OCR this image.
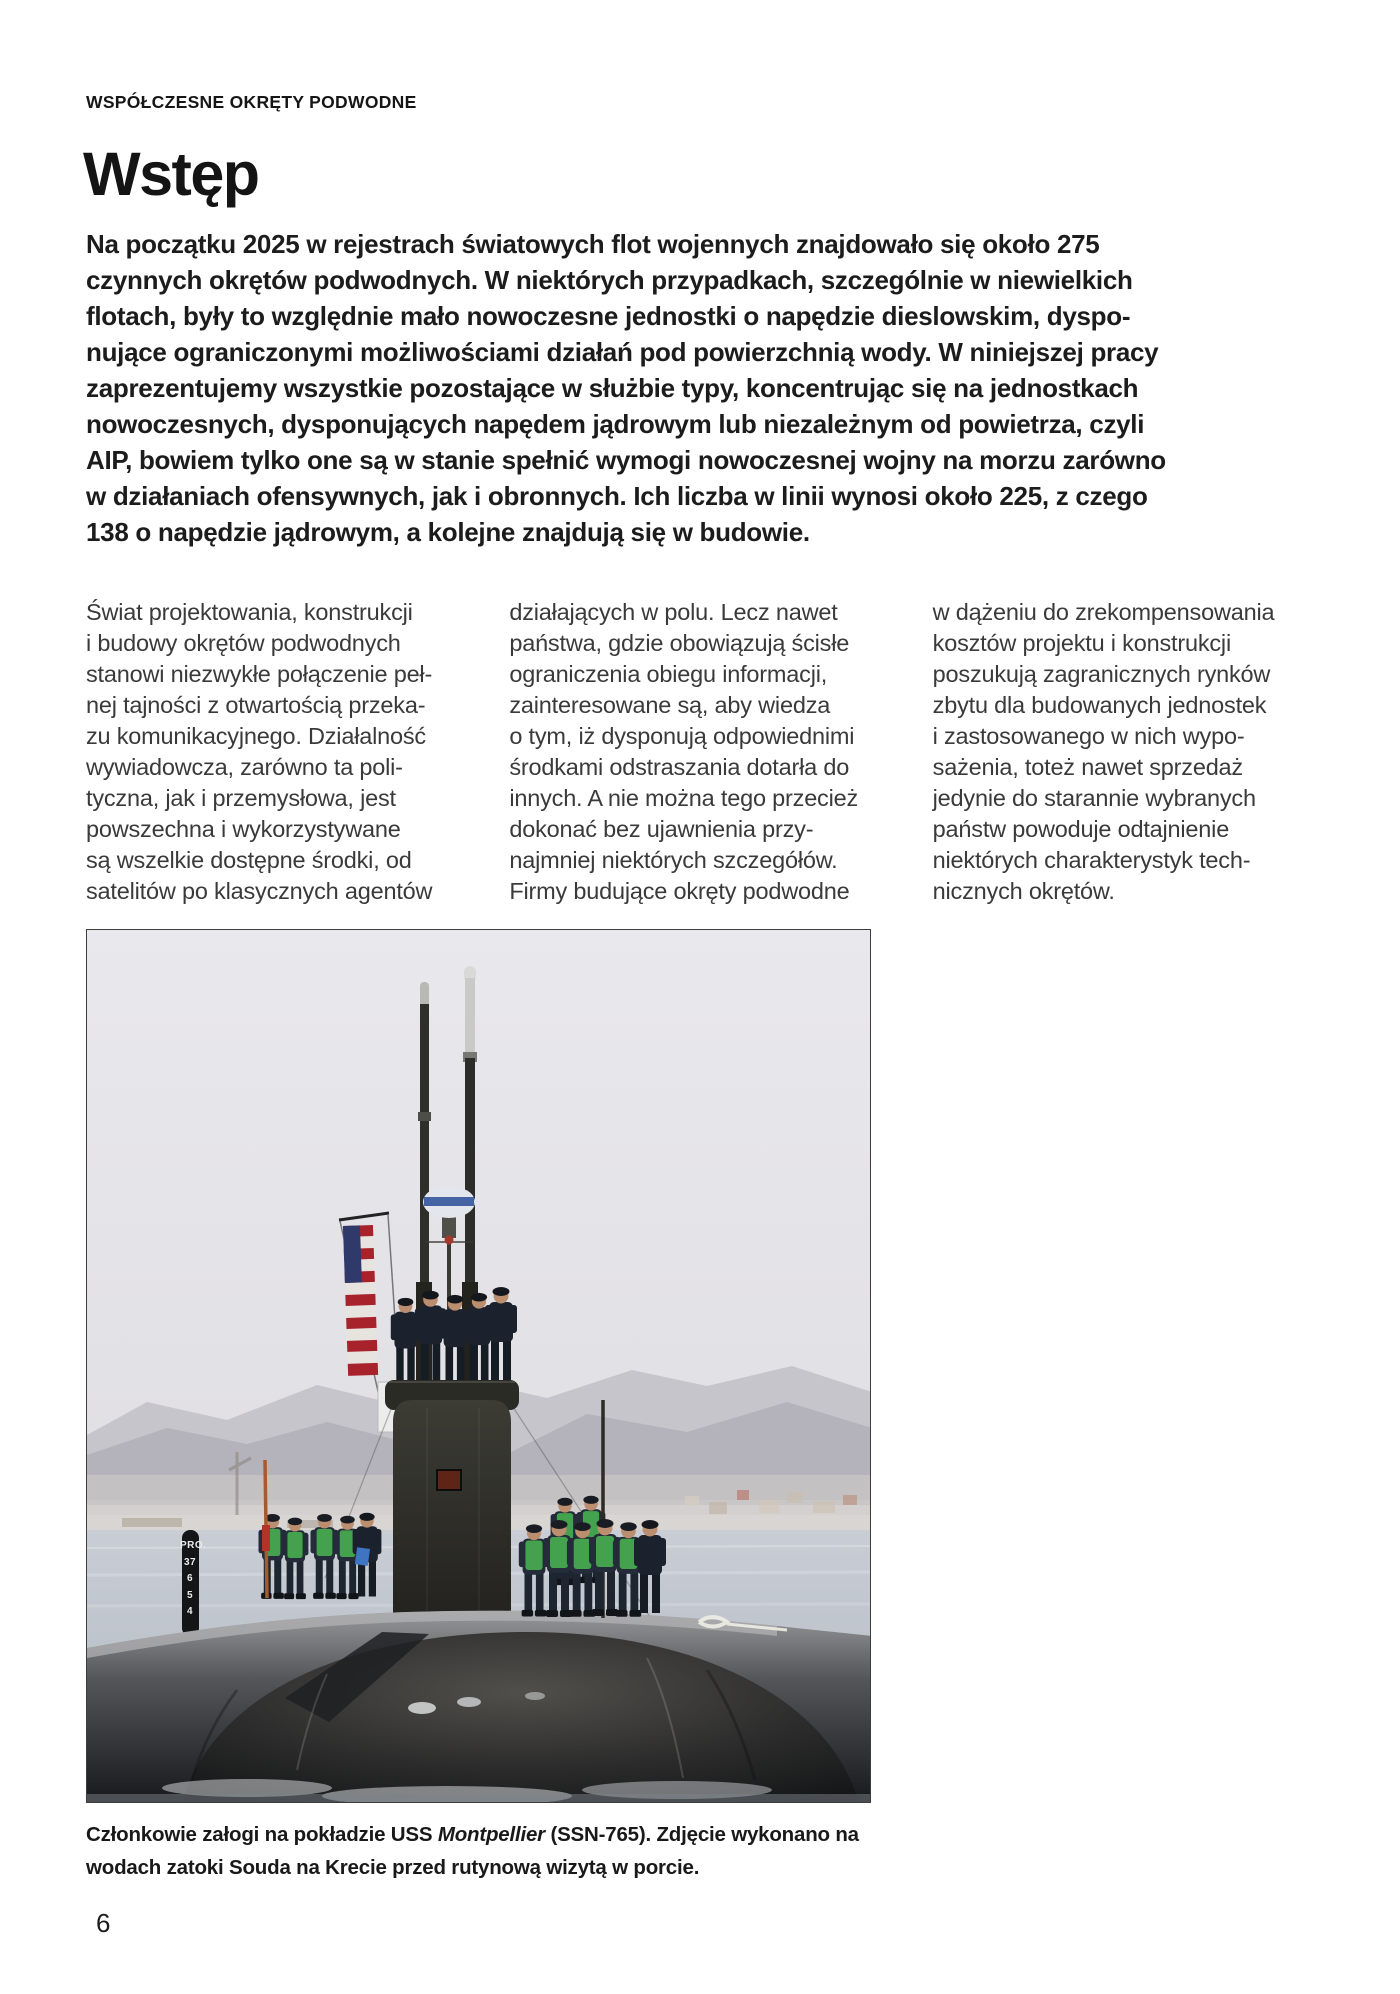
WSPÓŁCZESNE OKRĘTY PODWODNE
Wstęp
Na początku 2025 w rejestrach światowych flot wojennych znajdowało się około 275
czynnych okrętów podwodnych. W niektórych przypadkach, szczególnie w niewielkich
flotach, były to względnie mało nowoczesne jednostki o napędzie dieslowskim, dyspo-
nujące ograniczonymi możliwościami działań pod powierzchnią wody. W niniejszej pracy
zaprezentujemy wszystkie pozostające w służbie typy, koncentrując się na jednostkach
nowoczesnych, dysponujących napędem jądrowym lub niezależnym od powietrza, czyli
AIP, bowiem tylko one są w stanie spełnić wymogi nowoczesnej wojny na morzu zarówno
w działaniach ofensywnych, jak i obronnych. Ich liczba w linii wynosi około 225, z czego
138 o napędzie jądrowym, a kolejne znajdują się w budowie.
Świat projektowania, konstrukcji
i budowy okrętów podwodnych
stanowi niezwykłe połączenie peł-
nej tajności z otwartością przeka-
zu komunikacyjnego. Działalność
wywiadowcza, zarówno ta poli-
tyczna, jak i przemysłowa, jest
powszechna i wykorzystywane
są wszelkie dostępne środki, od
satelitów po klasycznych agentów
działających w polu. Lecz nawet
państwa, gdzie obowiązują ścisłe
ograniczenia obiegu informacji,
zainteresowane są, aby wiedza
o tym, iż dysponują odpowiednimi
środkami odstraszania dotarła do
innych. A nie można tego przecież
dokonać bez ujawnienia przy-
najmniej niektórych szczegółów.
Firmy budujące okręty podwodne
w dążeniu do zrekompensowania
kosztów projektu i konstrukcji
poszukują zagranicznych rynków
zbytu dla budowanych jednostek
i zastosowanego w nich wypo-
sażenia, toteż nawet sprzedaż
jedynie do starannie wybranych
państw powoduje odtajnienie
niektórych charakterystyk tech-
nicznych okrętów.
PRO.
37
6
5
4
Członkowie załogi na pokładzie USS Montpellier (SSN-765). Zdjęcie wykonano na wodach zatoki Souda na Krecie przed rutynową wizytą w porcie.
6
